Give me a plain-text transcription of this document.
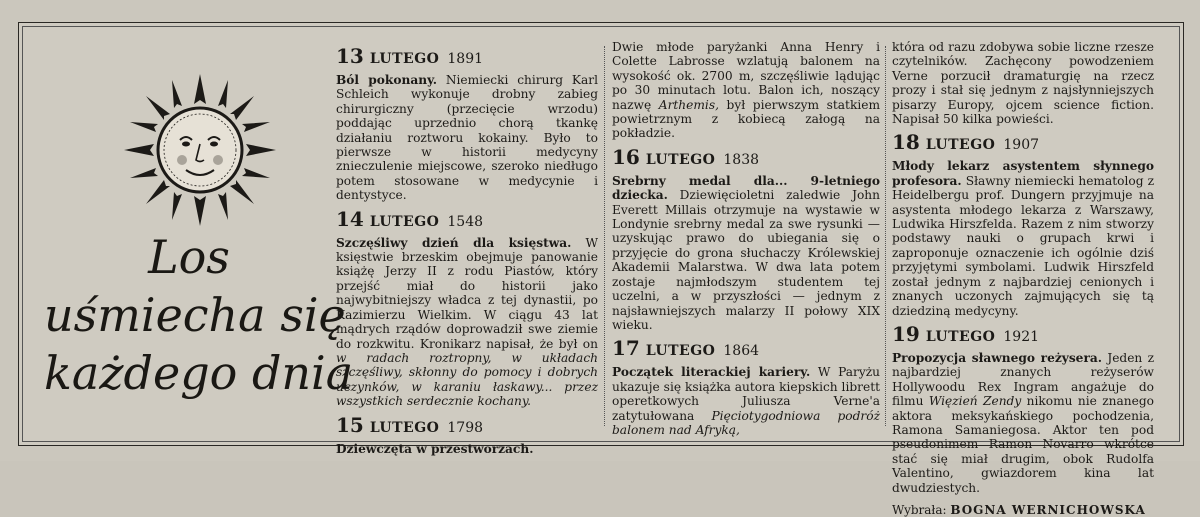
Los
uśmiecha się
każdego dnia
13 LUTEGO 1891

Ból pokonany. Niemiecki chirurg Karl Schleich wykonuje drobny zabieg chirurgiczny (przecięcie wrzodu) poddając uprzednio chorą tkankę działaniu roztworu kokainy. Było to pierwsze w historii medycyny znieczulenie miejscowe, szeroko niedługo potem stosowane w medycynie i dentystyce.

14 LUTEGO 1548

Szczęśliwy dzień dla księstwa. W księstwie brzeskim obejmuje panowanie książę Jerzy II z rodu Piastów, który przejść miał do historii jako najwybitniejszy władca z tej dynastii, po Kazimierzu Wielkim. W ciągu 43 lat mądrych rządów doprowadził swe ziemie do rozkwitu. Kronikarz napisał, że był on w radach roztropny, w układach szczęśliwy, skłonny do pomocy i dobrych uczynków, w karaniu łaskawy... przez wszystkich serdecznie kochany.

15 LUTEGO 1798

Dziewczęta w przestworzach.

Dwie młode paryżanki Anna Henry i Colette Labrosse wzlatują balonem na wysokość ok. 2700 m, szczęśliwie lądując po 30 minutach lotu. Balon ich, noszący nazwę Arthemis, był pierwszym statkiem powietrznym z kobiecą załogą na pokładzie.

16 LUTEGO 1838

Srebrny medal dla... 9-letniego dziecka. Dziewięcioletni zaledwie John Everett Millais otrzymuje na wystawie w Londynie srebrny medal za swe rysunki — uzyskując prawo do ubiegania się o przyjęcie do grona słuchaczy Królewskiej Akademii Malarstwa. W dwa lata potem zostaje najmłodszym studentem tej uczelni, a w przyszłości — jednym z najsławniejszych malarzy II połowy XIX wieku.

17 LUTEGO 1864

Początek literackiej kariery. W Paryżu ukazuje się książka autora kiepskich librett operetkowych Juliusza Verne'a zatytułowana Pięciotygodniowa podróż balonem nad Afryką,

która od razu zdobywa sobie liczne rzesze czytelników. Zachęcony powodzeniem Verne porzucił dramaturgię na rzecz prozy i stał się jednym z najsłynniejszych pisarzy Europy, ojcem science fiction. Napisał 50 kilka powieści.

18 LUTEGO 1907

Młody lekarz asystentem słynnego profesora. Sławny niemiecki hematolog z Heidelbergu prof. Dungern przyjmuje na asystenta młodego lekarza z Warszawy, Ludwika Hirszfelda. Razem z nim stworzy podstawy nauki o grupach krwi i zaproponuje oznaczenie ich ogólnie dziś przyjętymi symbolami. Ludwik Hirszfeld został jednym z najbardziej cenionych i znanych uczonych zajmujących się tą dziedziną medycyny.

19 LUTEGO 1921

Propozycja sławnego reżysera. Jeden z najbardziej znanych reżyserów Hollywoodu Rex Ingram angażuje do filmu Więzień Zendy nikomu nie znanego aktora meksykańskiego pochodzenia, Ramona Samaniegosa. Aktor ten pod pseudonimem Ramon Novarro wkrótce stać się miał drugim, obok Rudolfa Valentino, gwiazdorem kina lat dwudziestych.

Wybrała: BOGNA WERNICHOWSKA
